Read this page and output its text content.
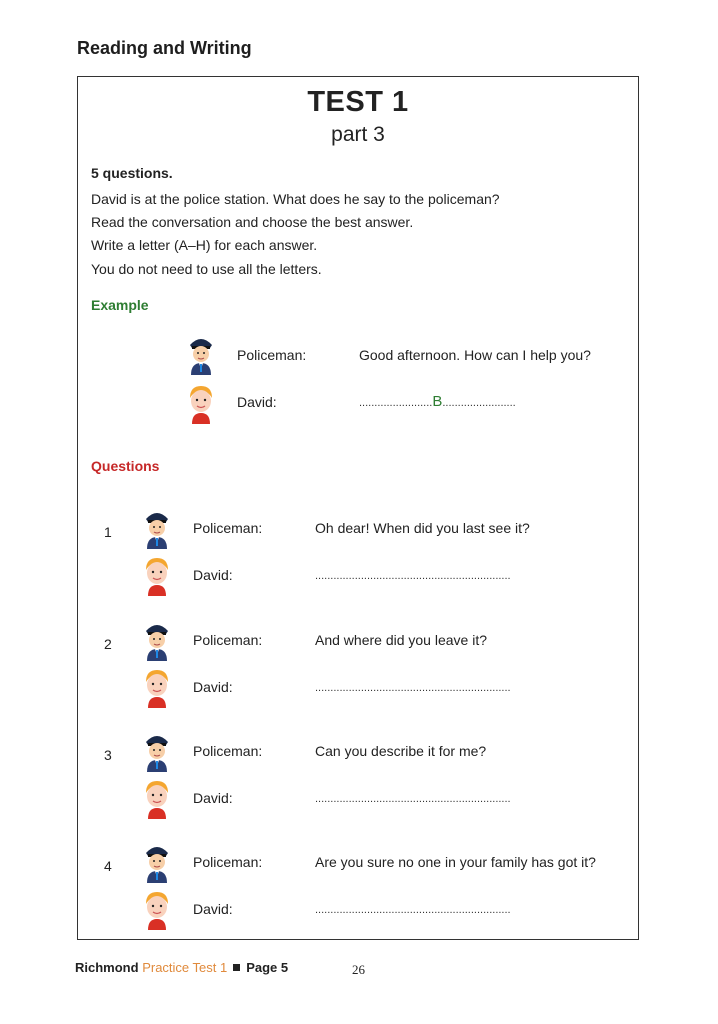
Reading and Writing
TEST 1
part 3
5 questions.
David is at the police station. What does he say to the policeman?
Read the conversation and choose the best answer.
Write a letter (A–H) for each answer.
You do not need to use all the letters.
Example
Policeman:	Good afternoon. How can I help you?
David:	........................B........................
Questions
1	Policeman:	Oh dear! When did you last see it?
David:	................................................................
2	Policeman:	And where did you leave it?
David:	................................................................
3	Policeman:	Can you describe it for me?
David:	................................................................
4	Policeman:	Are you sure no one in your family has got it?
David:	................................................................
Richmond Practice Test 1 Page 5	26
